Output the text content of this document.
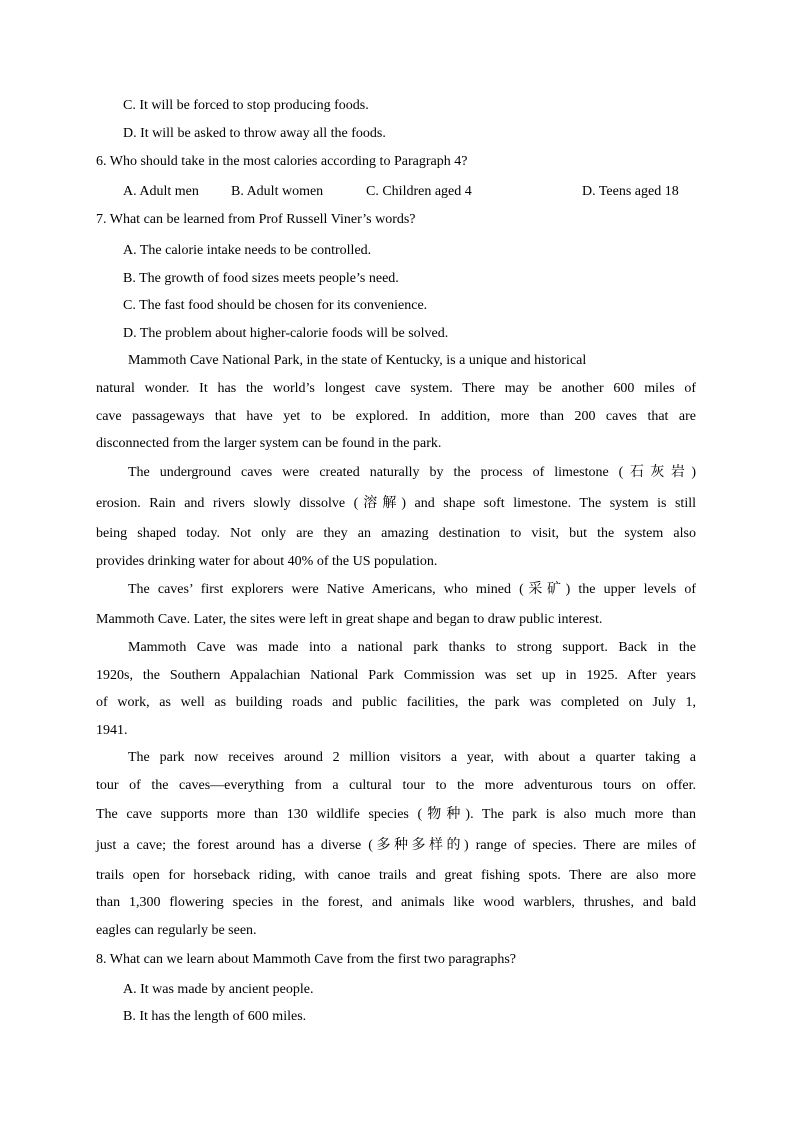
C. It will be forced to stop producing foods.
D. It will be asked to throw away all the foods.
6. Who should take in the most calories according to Paragraph 4?
A. Adult men B. Adult women	C. Children aged 4	D. Teens aged 18
7. What can be learned from Prof Russell Viner’s words?
A. The calorie intake needs to be controlled.
B. The growth of food sizes meets people’s need.
C. The fast food should be chosen for its convenience.
D. The problem about higher-calorie foods will be solved.
Mammoth Cave National Park, in the state of Kentucky, is a unique and historical
natural wonder. It has the world’s longest cave system. There may be another 600 miles of
cave passageways that have yet to be explored. In addition, more than 200 caves that are
disconnected from the larger system can be found in the park.
The underground caves were created naturally by the process of limestone (石灰岩)
erosion. Rain and rivers slowly dissolve (溶解) and shape soft limestone. The system is still
being shaped today. Not only are they an amazing destination to visit, but the system also
provides drinking water for about 40% of the US population.
The caves’ first explorers were Native Americans, who mined (采矿) the upper levels of
Mammoth Cave. Later, the sites were left in great shape and began to draw public interest.
Mammoth Cave was made into a national park thanks to strong support. Back in the
1920s, the Southern Appalachian National Park Commission was set up in 1925. After years
of work, as well as building roads and public facilities, the park was completed on July 1,
1941.
The park now receives around 2 million visitors a year, with about a quarter taking a
tour of the caves—everything from a cultural tour to the more adventurous tours on offer.
The cave supports more than 130 wildlife species (物种). The park is also much more than
just a cave; the forest around has a diverse (多种多样的) range of species. There are miles of
trails open for horseback riding, with canoe trails and great fishing spots. There are also more
than 1,300 flowering species in the forest, and animals like wood warblers, thrushes, and bald
eagles can regularly be seen.
8. What can we learn about Mammoth Cave from the first two paragraphs?
A. It was made by ancient people.
B. It has the length of 600 miles.
